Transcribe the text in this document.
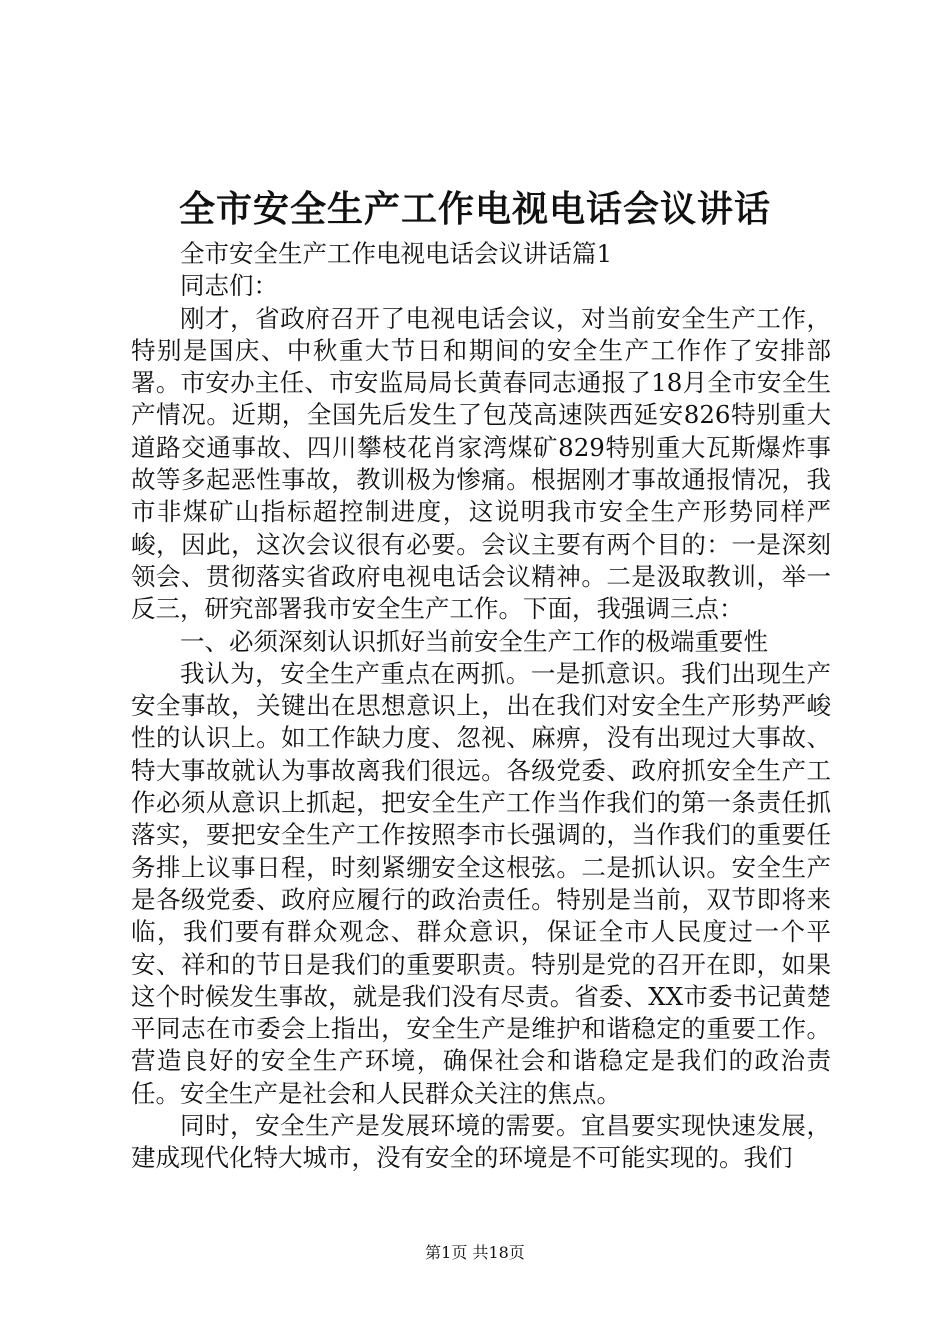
全市安全生产工作电视电话会议讲话

全市安全生产工作电视电话会议讲话篇1

同志们：

刚才，省政府召开了电视电话会议，对当前安全生产工作，特别是国庆、中秋重大节日和期间的安全生产工作作了安排部署。市安办主任、市安监局局长黄春同志通报了18月全市安全生产情况。近期，全国先后发生了包茂高速陕西延安826特别重大道路交通事故、四川攀枝花肖家湾煤矿829特别重大瓦斯爆炸事故等多起恶性事故，教训极为惨痛。根据刚才事故通报情况，我市非煤矿山指标超控制进度，这说明我市安全生产形势同样严峻，因此，这次会议很有必要。会议主要有两个目的：一是深刻领会、贯彻落实省政府电视电话会议精神。二是汲取教训，举一反三，研究部署我市安全生产工作。下面，我强调三点：

一、必须深刻认识抓好当前安全生产工作的极端重要性

我认为，安全生产重点在两抓。一是抓意识。我们出现生产安全事故，关键出在思想意识上，出在我们对安全生产形势严峻性的认识上。如工作缺力度、忽视、麻痹，没有出现过大事故、特大事故就认为事故离我们很远。各级党委、政府抓安全生产工作必须从意识上抓起，把安全生产工作当作我们的第一条责任抓落实，要把安全生产工作按照李市长强调的，当作我们的重要任务排上议事日程，时刻紧绷安全这根弦。二是抓认识。安全生产是各级党委、政府应履行的政治责任。特别是当前，双节即将来临，我们要有群众观念、群众意识，保证全市人民度过一个平安、祥和的节日是我们的重要职责。特别是党的召开在即，如果这个时候发生事故，就是我们没有尽责。省委、XX市委书记黄楚平同志在市委会上指出，安全生产是维护和谐稳定的重要工作。营造良好的安全生产环境，确保社会和谐稳定是我们的政治责任。安全生产是社会和人民群众关注的焦点。

同时，安全生产是发展环境的需要。宜昌要实现快速发展，建成现代化特大城市，没有安全的环境是不可能实现的。我们

第1页 共18页
